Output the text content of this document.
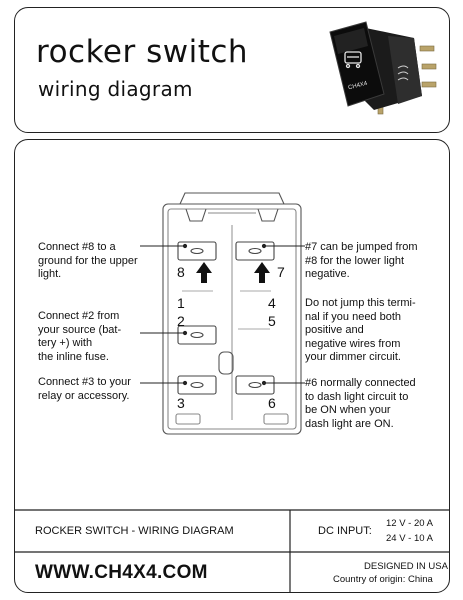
rocker switch
wiring diagram	CH4X4
8	7
1	4
2	5
3	6
Connect #8 to a
ground for the upper
light.
Connect #2 from
your source (bat-
tery +) with
the inline fuse.
Connect #3 to your
relay or accessory.
#7 can be jumped from
#8 for the lower light
negative.
Do not jump this termi-
nal if you need both
positive and
negative wires from
your dimmer circuit.
#6 normally connected
to dash light circuit to
be ON when your
dash light are ON.
ROCKER SWITCH - WIRING DIAGRAM	DC INPUT:
12 V - 20 A
24 V - 10 A
WWW.CH4X4.COM	DESIGNED IN USA
Country of origin: China
